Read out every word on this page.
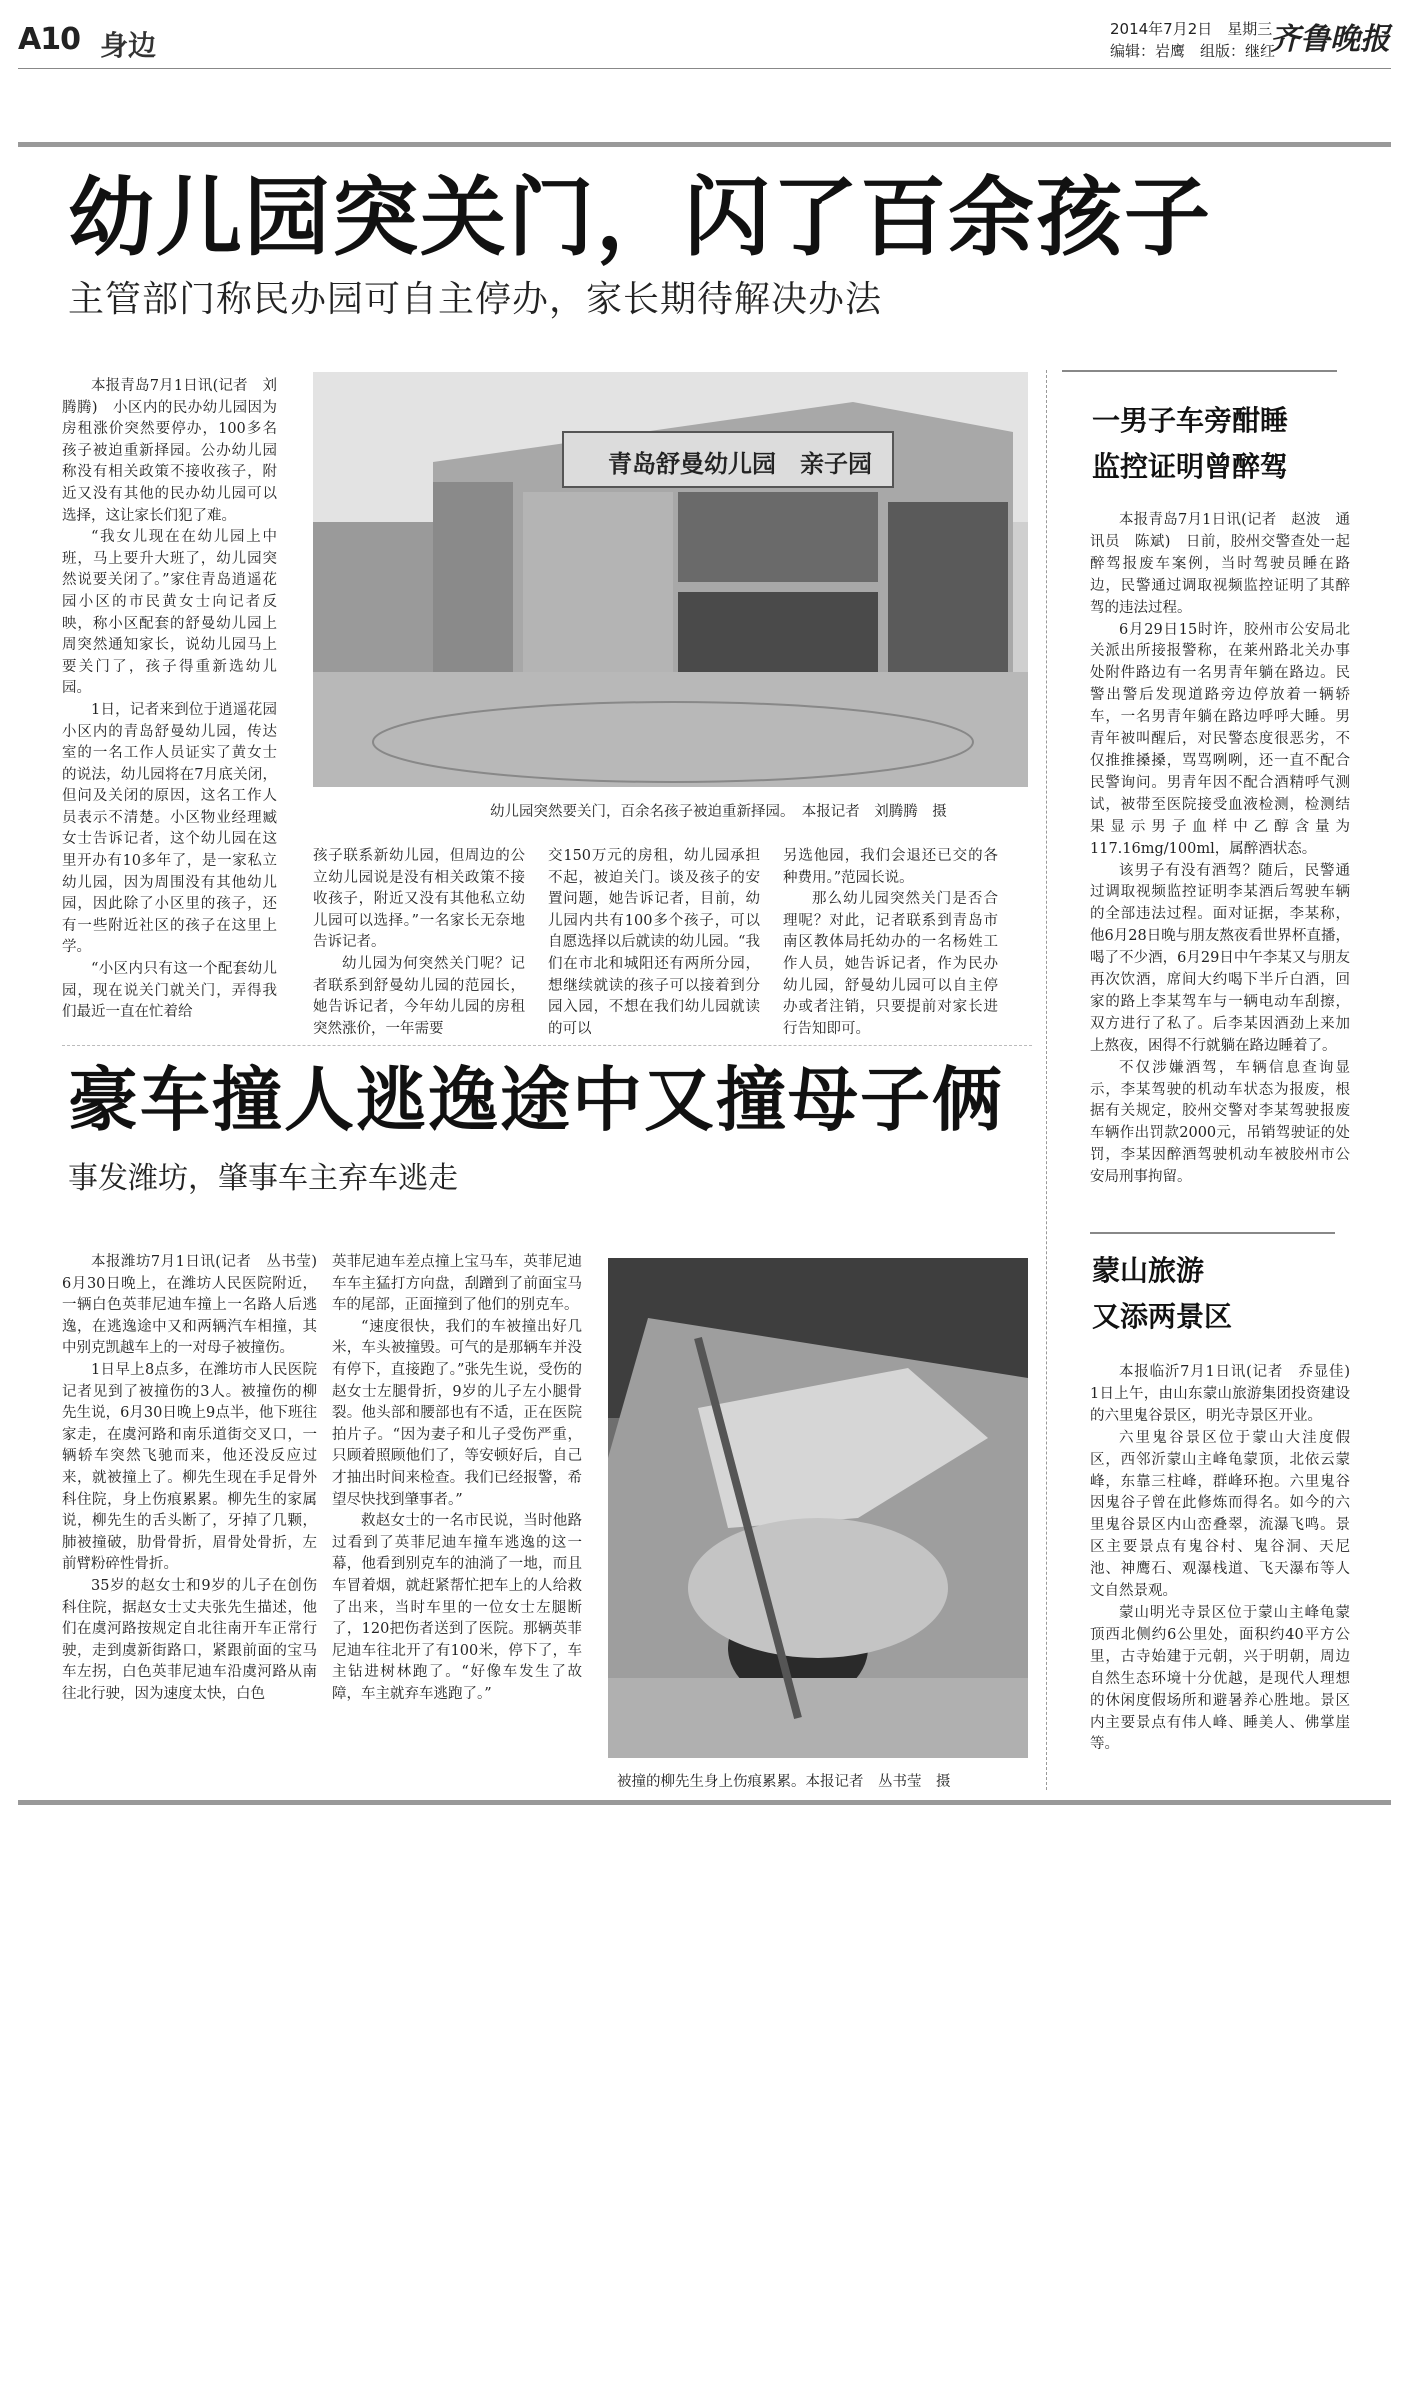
A10 身边	2014年7月2日　星期三
编辑：岩鹰　组版：继红
齐鲁晚报
幼儿园突关门，闪了百余孩子
主管部门称民办园可自主停办，家长期待解决办法

本报青岛7月1日讯(记者　刘腾腾)　小区内的民办幼儿园因为房租涨价突然要停办，100多名孩子被迫重新择园。公办幼儿园称没有相关政策不接收孩子，附近又没有其他的民办幼儿园可以选择，这让家长们犯了难。

“我女儿现在在幼儿园上中班，马上要升大班了，幼儿园突然说要关闭了。”家住青岛逍遥花园小区的市民黄女士向记者反映，称小区配套的舒曼幼儿园上周突然通知家长，说幼儿园马上要关门了，孩子得重新选幼儿园。

1日，记者来到位于逍遥花园小区内的青岛舒曼幼儿园，传达室的一名工作人员证实了黄女士的说法，幼儿园将在7月底关闭，但问及关闭的原因，这名工作人员表示不清楚。小区物业经理臧女士告诉记者，这个幼儿园在这里开办有10多年了，是一家私立幼儿园，因为周围没有其他幼儿园，因此除了小区里的孩子，还有一些附近社区的孩子在这里上学。

“小区内只有这一个配套幼儿园，现在说关门就关门，弄得我们最近一直在忙着给

青岛舒曼幼儿园　亲子园
幼儿园突然要关门，百余名孩子被迫重新择园。　本报记者　刘腾腾　摄

孩子联系新幼儿园，但周边的公立幼儿园说是没有相关政策不接收孩子，附近又没有其他私立幼儿园可以选择。”一名家长无奈地告诉记者。

幼儿园为何突然关门呢？记者联系到舒曼幼儿园的范园长，她告诉记者，今年幼儿园的房租突然涨价，一年需要

交150万元的房租，幼儿园承担不起，被迫关门。谈及孩子的安置问题，她告诉记者，目前，幼儿园内共有100多个孩子，可以自愿选择以后就读的幼儿园。“我们在市北和城阳还有两所分园，想继续就读的孩子可以接着到分园入园，不想在我们幼儿园就读的可以

另选他园，我们会退还已交的各种费用。”范园长说。

那么幼儿园突然关门是否合理呢？对此，记者联系到青岛市南区教体局托幼办的一名杨姓工作人员，她告诉记者，作为民办幼儿园，舒曼幼儿园可以自主停办或者注销，只要提前对家长进行告知即可。

豪车撞人逃逸途中又撞母子俩
事发潍坊，肇事车主弃车逃走

本报潍坊7月1日讯(记者　丛书莹)　6月30日晚上，在潍坊人民医院附近，一辆白色英菲尼迪车撞上一名路人后逃逸，在逃逸途中又和两辆汽车相撞，其中别克凯越车上的一对母子被撞伤。

1日早上8点多，在潍坊市人民医院记者见到了被撞伤的3人。被撞伤的柳先生说，6月30日晚上9点半，他下班往家走，在虞河路和南乐道街交叉口，一辆轿车突然飞驰而来，他还没反应过来，就被撞上了。柳先生现在手足骨外科住院，身上伤痕累累。柳先生的家属说，柳先生的舌头断了，牙掉了几颗，肺被撞破，肋骨骨折，眉骨处骨折，左前臂粉碎性骨折。

35岁的赵女士和9岁的儿子在创伤科住院，据赵女士丈夫张先生描述，他们在虞河路按规定自北往南开车正常行驶，走到虞新街路口，紧跟前面的宝马车左拐，白色英菲尼迪车沿虞河路从南往北行驶，因为速度太快，白色

英菲尼迪车差点撞上宝马车，英菲尼迪车车主猛打方向盘，刮蹭到了前面宝马车的尾部，正面撞到了他们的别克车。

“速度很快，我们的车被撞出好几米，车头被撞毁。可气的是那辆车并没有停下，直接跑了。”张先生说，受伤的赵女士左腿骨折，9岁的儿子左小腿骨裂。他头部和腰部也有不适，正在医院拍片子。“因为妻子和儿子受伤严重，只顾着照顾他们了，等安顿好后，自己才抽出时间来检查。我们已经报警，希望尽快找到肇事者。”

救赵女士的一名市民说，当时他路过看到了英菲尼迪车撞车逃逸的这一幕，他看到别克车的油淌了一地，而且车冒着烟，就赶紧帮忙把车上的人给救了出来，当时车里的一位女士左腿断了，120把伤者送到了医院。那辆英菲尼迪车往北开了有100米，停下了，车主钻进树林跑了。“好像车发生了故障，车主就弃车逃跑了。”

被撞的柳先生身上伤痕累累。本报记者　丛书莹　摄
一男子车旁酣睡
监控证明曾醉驾

本报青岛7月1日讯(记者　赵波　通讯员　陈斌)　日前，胶州交警查处一起醉驾报废车案例，当时驾驶员睡在路边，民警通过调取视频监控证明了其醉驾的违法过程。

6月29日15时许，胶州市公安局北关派出所接报警称，在莱州路北关办事处附件路边有一名男青年躺在路边。民警出警后发现道路旁边停放着一辆轿车，一名男青年躺在路边呼呼大睡。男青年被叫醒后，对民警态度很恶劣，不仅推推搡搡，骂骂咧咧，还一直不配合民警询问。男青年因不配合酒精呼气测试，被带至医院接受血液检测，检测结果显示男子血样中乙醇含量为117.16mg/100ml，属醉酒状态。

该男子有没有酒驾？随后，民警通过调取视频监控证明李某酒后驾驶车辆的全部违法过程。面对证据，李某称，他6月28日晚与朋友熬夜看世界杯直播，喝了不少酒，6月29日中午李某又与朋友再次饮酒，席间大约喝下半斤白酒，回家的路上李某驾车与一辆电动车刮擦，双方进行了私了。后李某因酒劲上来加上熬夜，困得不行就躺在路边睡着了。

不仅涉嫌酒驾，车辆信息查询显示，李某驾驶的机动车状态为报废，根据有关规定，胶州交警对李某驾驶报废车辆作出罚款2000元，吊销驾驶证的处罚，李某因醉酒驾驶机动车被胶州市公安局刑事拘留。

蒙山旅游
又添两景区

本报临沂7月1日讯(记者　乔显佳)　1日上午，由山东蒙山旅游集团投资建设的六里鬼谷景区，明光寺景区开业。

六里鬼谷景区位于蒙山大洼度假区，西邻沂蒙山主峰龟蒙顶，北依云蒙峰，东靠三柱峰，群峰环抱。六里鬼谷因鬼谷子曾在此修炼而得名。如今的六里鬼谷景区内山峦叠翠，流瀑飞鸣。景区主要景点有鬼谷村、鬼谷洞、天尼池、神鹰石、观瀑栈道、飞天瀑布等人文自然景观。

蒙山明光寺景区位于蒙山主峰龟蒙顶西北侧约6公里处，面积约40平方公里，古寺始建于元朝，兴于明朝，周边自然生态环境十分优越，是现代人理想的休闲度假场所和避暑养心胜地。景区内主要景点有伟人峰、睡美人、佛掌崖等。
